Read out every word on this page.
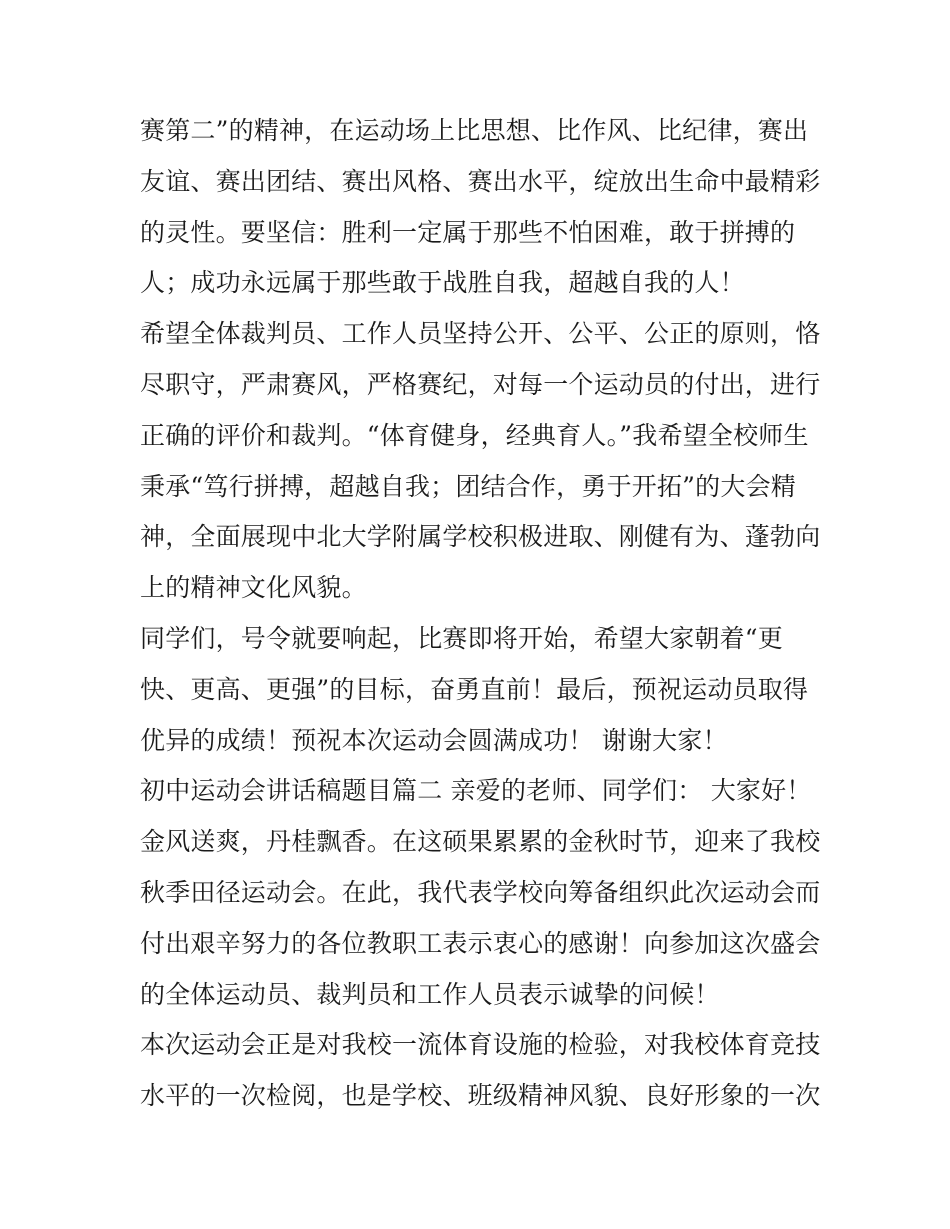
赛第二”的精神，在运动场上比思想、比作风、比纪律，赛出
友谊、赛出团结、赛出风格、赛出水平，绽放出生命中最精彩
的灵性。要坚信：胜利一定属于那些不怕困难，敢于拼搏的
人；成功永远属于那些敢于战胜自我，超越自我的人！
希望全体裁判员、工作人员坚持公开、公平、公正的原则，恪
尽职守，严肃赛风，严格赛纪，对每一个运动员的付出，进行
正确的评价和裁判。“体育健身，经典育人。”我希望全校师生
秉承“笃行拼搏，超越自我；团结合作，勇于开拓”的大会精
神，全面展现中北大学附属学校积极进取、刚健有为、蓬勃向
上的精神文化风貌。
同学们，号令就要响起，比赛即将开始，希望大家朝着“更
快、更高、更强”的目标，奋勇直前！最后，预祝运动员取得
优异的成绩！预祝本次运动会圆满成功！ 谢谢大家！
初中运动会讲话稿题目篇二 亲爱的老师、同学们： 大家好！
金风送爽，丹桂飘香。在这硕果累累的金秋时节，迎来了我校
秋季田径运动会。在此，我代表学校向筹备组织此次运动会而
付出艰辛努力的各位教职工表示衷心的感谢！向参加这次盛会
的全体运动员、裁判员和工作人员表示诚挚的问候！
本次运动会正是对我校一流体育设施的检验，对我校体育竞技
水平的一次检阅，也是学校、班级精神风貌、良好形象的一次
